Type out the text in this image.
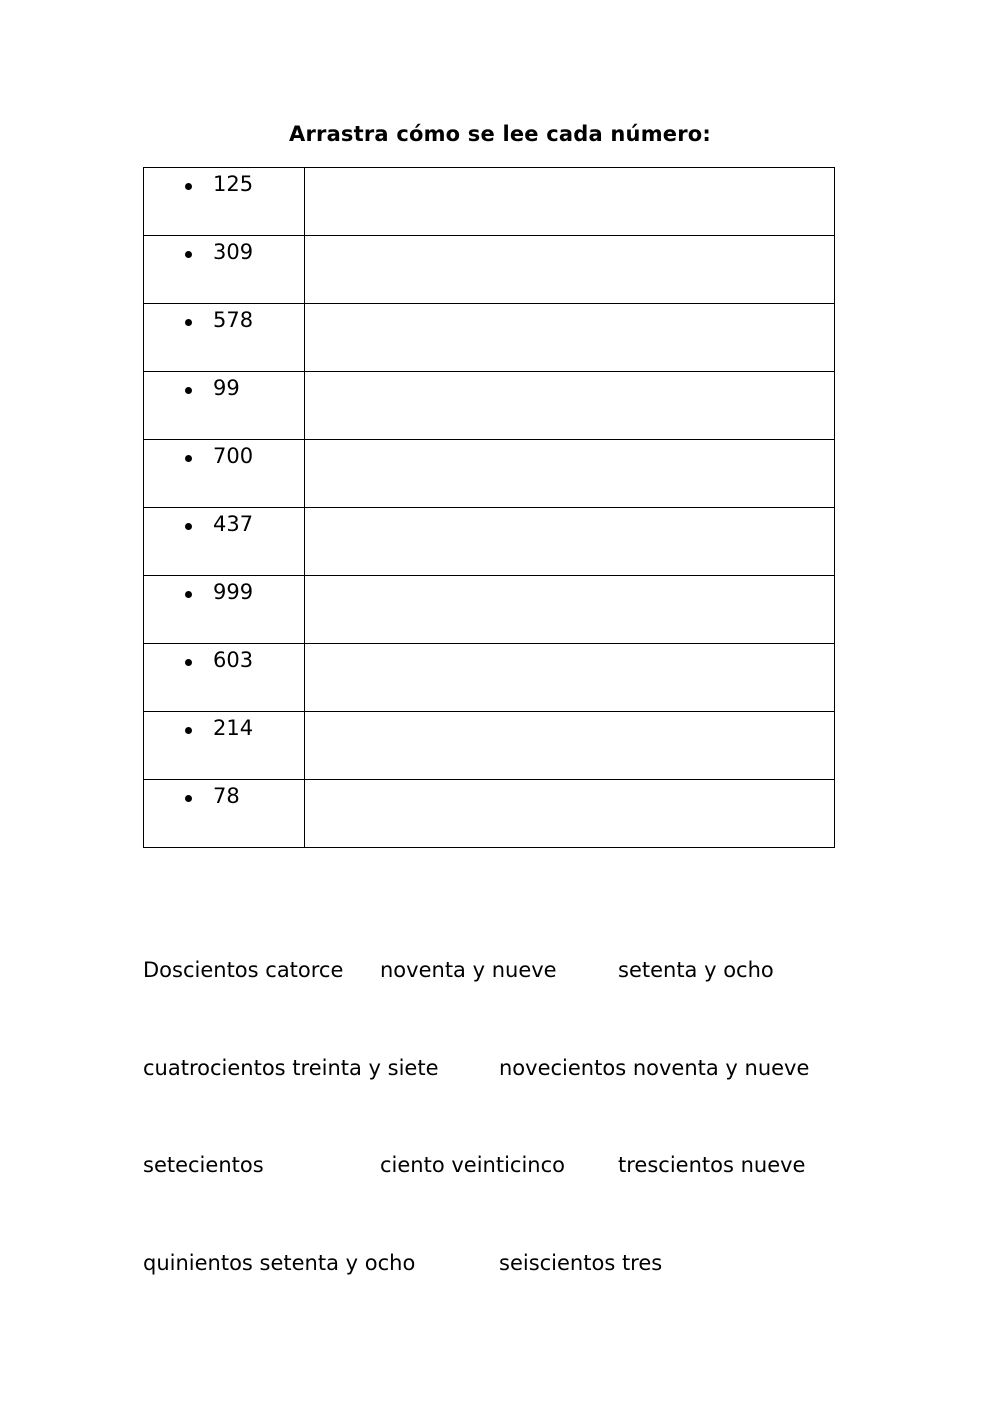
Arrastra cómo se lee cada número:
125	

309	

578	

99	

700	

437	

999	

603	

214	

78	

Doscientos catorce noventa y nueve	setenta y ocho
cuatrocientos treinta y siete	novecientos noventa y nueve
setecientos	ciento veinticinco	trescientos nueve
quinientos setenta y ocho	seiscientos tres
